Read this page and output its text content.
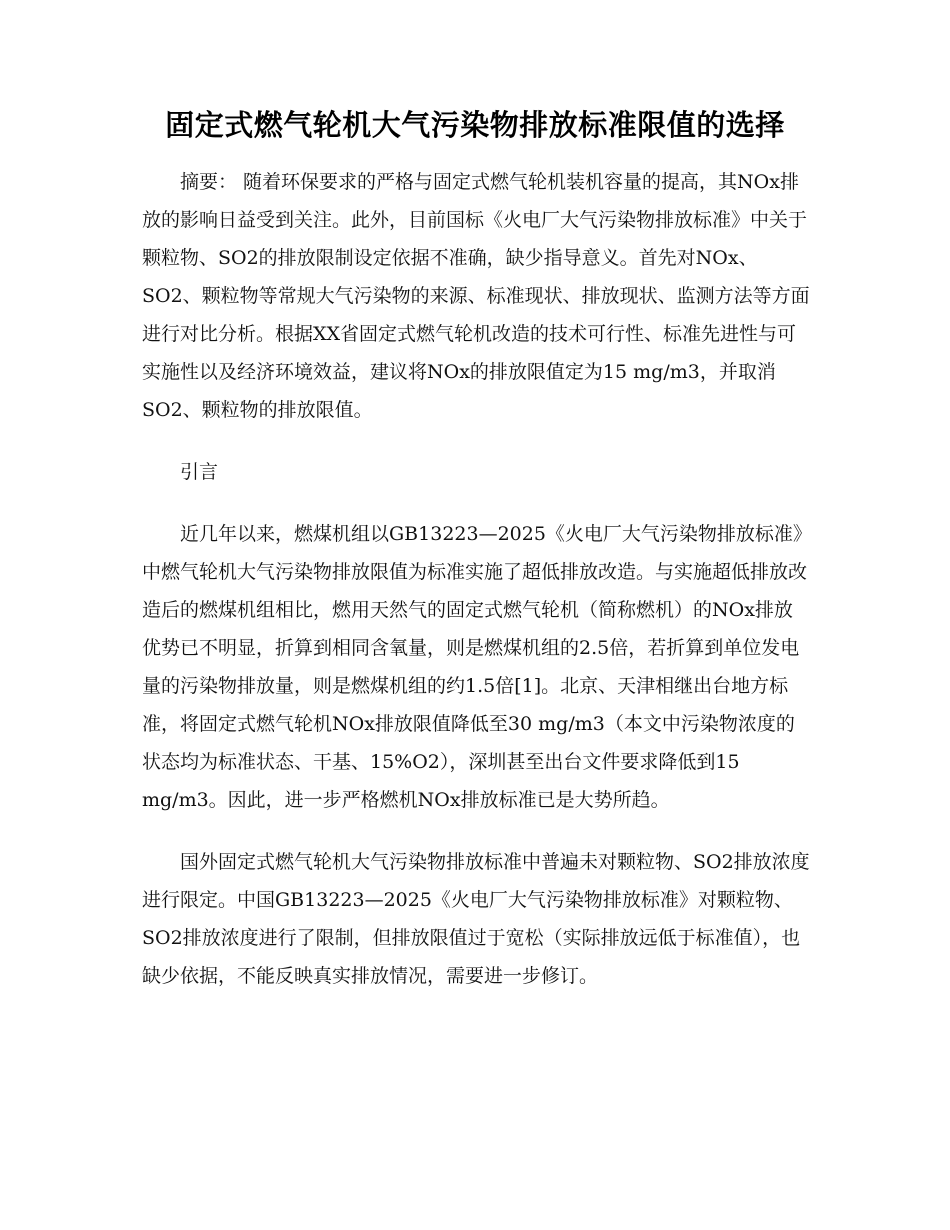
固定式燃气轮机大气污染物排放标准限值的选择

摘要： 随着环保要求的严格与固定式燃气轮机装机容量的提高，其NOx排放的影响日益受到关注。此外，目前国标《火电厂大气污染物排放标准》中关于颗粒物、SO2的排放限制设定依据不准确，缺少指导意义。首先对NOx、SO2、颗粒物等常规大气污染物的来源、标准现状、排放现状、监测方法等方面进行对比分析。根据XX省固定式燃气轮机改造的技术可行性、标准先进性与可实施性以及经济环境效益，建议将NOx的排放限值定为15 mg/m3，并取消SO2、颗粒物的排放限值。

引言

近几年以来，燃煤机组以GB13223—2025《火电厂大气污染物排放标准》中燃气轮机大气污染物排放限值为标准实施了超低排放改造。与实施超低排放改造后的燃煤机组相比，燃用天然气的固定式燃气轮机（简称燃机）的NOx排放优势已不明显，折算到相同含氧量，则是燃煤机组的2.5倍，若折算到单位发电量的污染物排放量，则是燃煤机组的约1.5倍[1]。北京、天津相继出台地方标准，将固定式燃气轮机NOx排放限值降低至30 mg/m3（本文中污染物浓度的状态均为标准状态、干基、15%O2），深圳甚至出台文件要求降低到15 mg/m3。因此，进一步严格燃机NOx排放标准已是大势所趋。

国外固定式燃气轮机大气污染物排放标准中普遍未对颗粒物、SO2排放浓度进行限定。中国GB13223—2025《火电厂大气污染物排放标准》对颗粒物、SO2排放浓度进行了限制，但排放限值过于宽松（实际排放远低于标准值），也缺少依据，不能反映真实排放情况，需要进一步修订。
